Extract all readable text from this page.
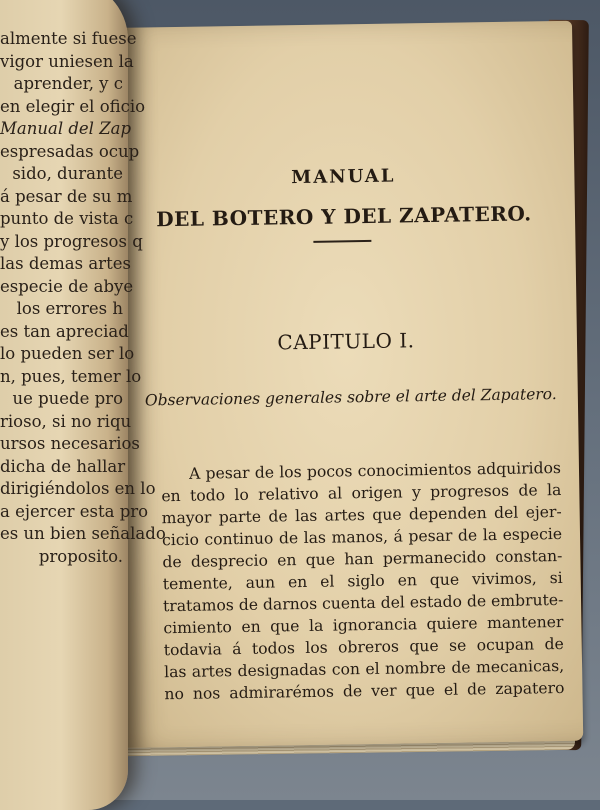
MANUAL
DEL BOTERO Y DEL ZAPATERO.
CAPITULO I.
Observaciones generales sobre el arte del Zapatero.
A pesar de los pocos conocimientos adquiridos
en todo lo relativo al origen y progresos de la
mayor parte de las artes que dependen del ejer-
cicio continuo de las manos, á pesar de la especie
de desprecio en que han permanecido constan-
temente, aun en el siglo en que vivimos, si
tratamos de darnos cuenta del estado de embrute-
cimiento en que la ignorancia quiere mantener
todavia á todos los obreros que se ocupan de
las artes designadas con el nombre de mecanicas,
no nos admirarémos de ver que el de zapatero
almente si fuese
vigor uniesen la
aprender, y c
en elegir el oficio
Manual del Zap
espresadas ocup
sido, durante
á pesar de su m
punto de vista c
y los progresos q
las demas artes
especie de abye
los errores h
es tan apreciad
lo pueden ser lo
n, pues, temer lo
ue puede pro
rioso, si no riqu
ursos necesarios
dicha de hallar
dirigiéndolos en lo
a ejercer esta pro
es un bien señalado
proposito.
